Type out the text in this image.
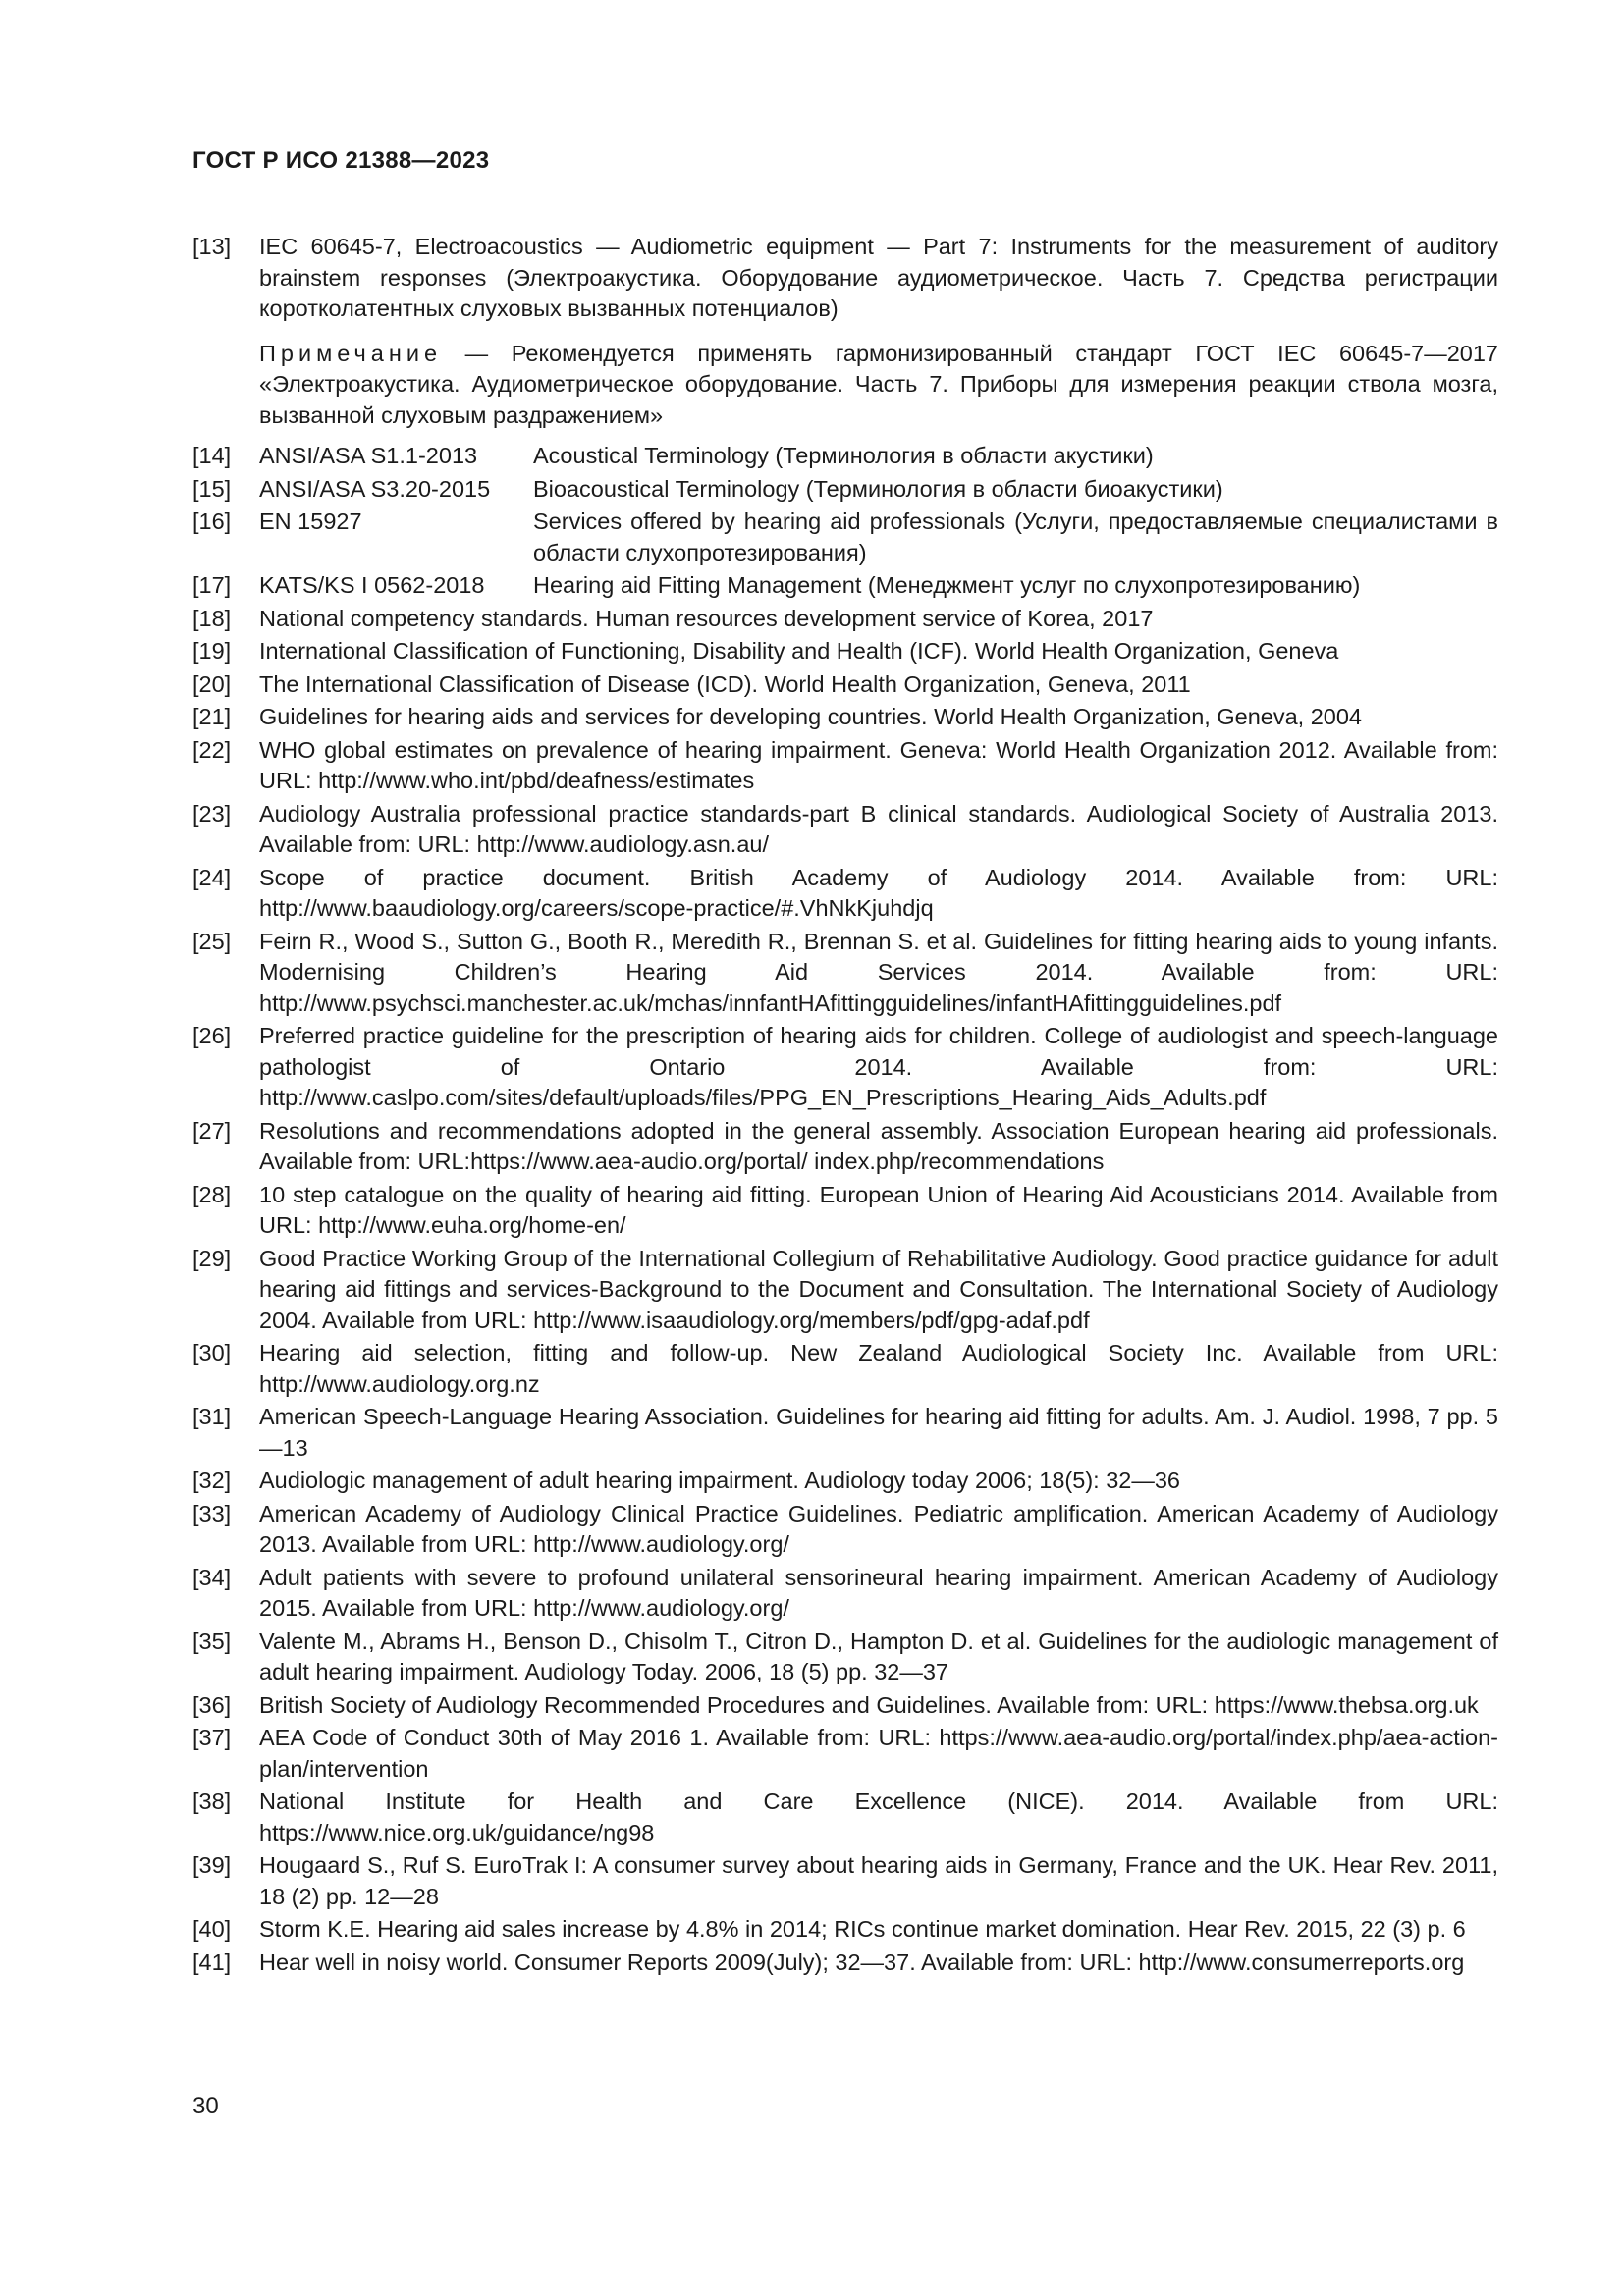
ГОСТ Р ИСО 21388—2023
[13]	IEC 60645-7, Electroacoustics — Audiometric equipment — Part 7: Instruments for the measurement of auditory brainstem responses (Электроакустика. Оборудование аудиометрическое. Часть 7. Средства регистрации коротколатентных слуховых вызванных потенциалов)
Примечание — Рекомендуется применять гармонизированный стандарт ГОСТ IEC 60645-7—2017 «Электроакустика. Аудиометрическое оборудование. Часть 7. Приборы для измерения реакции ствола мозга, вызванной слуховым раздражением»
[14]	ANSI/ASA S1.1-2013	Acoustical Terminology (Терминология в области акустики)
[15]	ANSI/ASA S3.20-2015	Bioacoustical Terminology (Терминология в области биоакустики)
[16]	EN 15927	Services offered by hearing aid professionals (Услуги, предоставляемые специалистами в области слухопротезирования)
[17]	KATS/KS I 0562-2018	Hearing aid Fitting Management (Менеджмент услуг по слухопротезированию)
[18]	National competency standards. Human resources development service of Korea, 2017
[19]	International Classification of Functioning, Disability and Health (ICF). World Health Organization, Geneva
[20]	The International Classification of Disease (ICD). World Health Organization, Geneva, 2011
[21]	Guidelines for hearing aids and services for developing countries. World Health Organization, Geneva, 2004
[22]	WHO global estimates on prevalence of hearing impairment. Geneva: World Health Organization 2012. Available from: URL: http://www.who.int/pbd/deafness/estimates
[23]	Audiology Australia professional practice standards-part B clinical standards. Audiological Society of Australia 2013. Available from: URL: http://www.audiology.asn.au/
[24]	Scope of practice document. British Academy of Audiology 2014. Available from: URL: http://www.baaudiology.org/careers/scope-practice/#.VhNkKjuhdjq
[25]	Feirn R., Wood S., Sutton G., Booth R., Meredith R., Brennan S. et al. Guidelines for fitting hearing aids to young infants. Modernising Children’s Hearing Aid Services 2014. Available from: URL: http://www.psychsci.manchester.ac.uk/mchas/innfantHAfittingguidelines/infantHAfittingguidelines.pdf
[26]	Preferred practice guideline for the prescription of hearing aids for children. College of audiologist and speech-language pathologist of Ontario 2014. Available from: URL: http://www.caslpo.com/sites/default/uploads/files/PPG_EN_Prescriptions_Hearing_Aids_Adults.pdf
[27]	Resolutions and recommendations adopted in the general assembly. Association European hearing aid professionals. Available from: URL:https://www.aea-audio.org/portal/ index.php/recommendations
[28]	10 step catalogue on the quality of hearing aid fitting. European Union of Hearing Aid Acousticians 2014. Available from URL: http://www.euha.org/home-en/
[29]	Good Practice Working Group of the International Collegium of Rehabilitative Audiology. Good practice guidance for adult hearing aid fittings and services-Background to the Document and Consultation. The International Society of Audiology 2004. Available from URL: http://www.isaaudiology.org/members/pdf/gpg-adaf.pdf
[30]	Hearing aid selection, fitting and follow-up. New Zealand Audiological Society Inc. Available from URL: http://www.audiology.org.nz
[31]	American Speech-Language Hearing Association. Guidelines for hearing aid fitting for adults. Am. J. Audiol. 1998, 7 pp. 5—13
[32]	Audiologic management of adult hearing impairment. Audiology today 2006; 18(5): 32—36
[33]	American Academy of Audiology Clinical Practice Guidelines. Pediatric amplification. American Academy of Audiology 2013. Available from URL: http://www.audiology.org/
[34]	Adult patients with severe to profound unilateral sensorineural hearing impairment. American Academy of Audiology 2015. Available from URL: http://www.audiology.org/
[35]	Valente M., Abrams H., Benson D., Chisolm T., Citron D., Hampton D. et al. Guidelines for the audiologic management of adult hearing impairment. Audiology Today. 2006, 18 (5) pp. 32—37
[36]	British Society of Audiology Recommended Procedures and Guidelines. Available from: URL: https://www.thebsa.org.uk
[37]	AEA Code of Conduct 30th of May 2016 1. Available from: URL: https://www.aea-audio.org/portal/index.php/aea-action-plan/intervention
[38]	National Institute for Health and Care Excellence (NICE). 2014. Available from URL: https://www.nice.org.uk/guidance/ng98
[39]	Hougaard S., Ruf S. EuroTrak I: A consumer survey about hearing aids in Germany, France and the UK. Hear Rev. 2011, 18 (2) pp. 12—28
[40]	Storm K.E. Hearing aid sales increase by 4.8% in 2014; RICs continue market domination. Hear Rev. 2015, 22 (3) p. 6
[41]	Hear well in noisy world. Consumer Reports 2009(July); 32—37. Available from: URL: http://www.consumerreports.org
30
